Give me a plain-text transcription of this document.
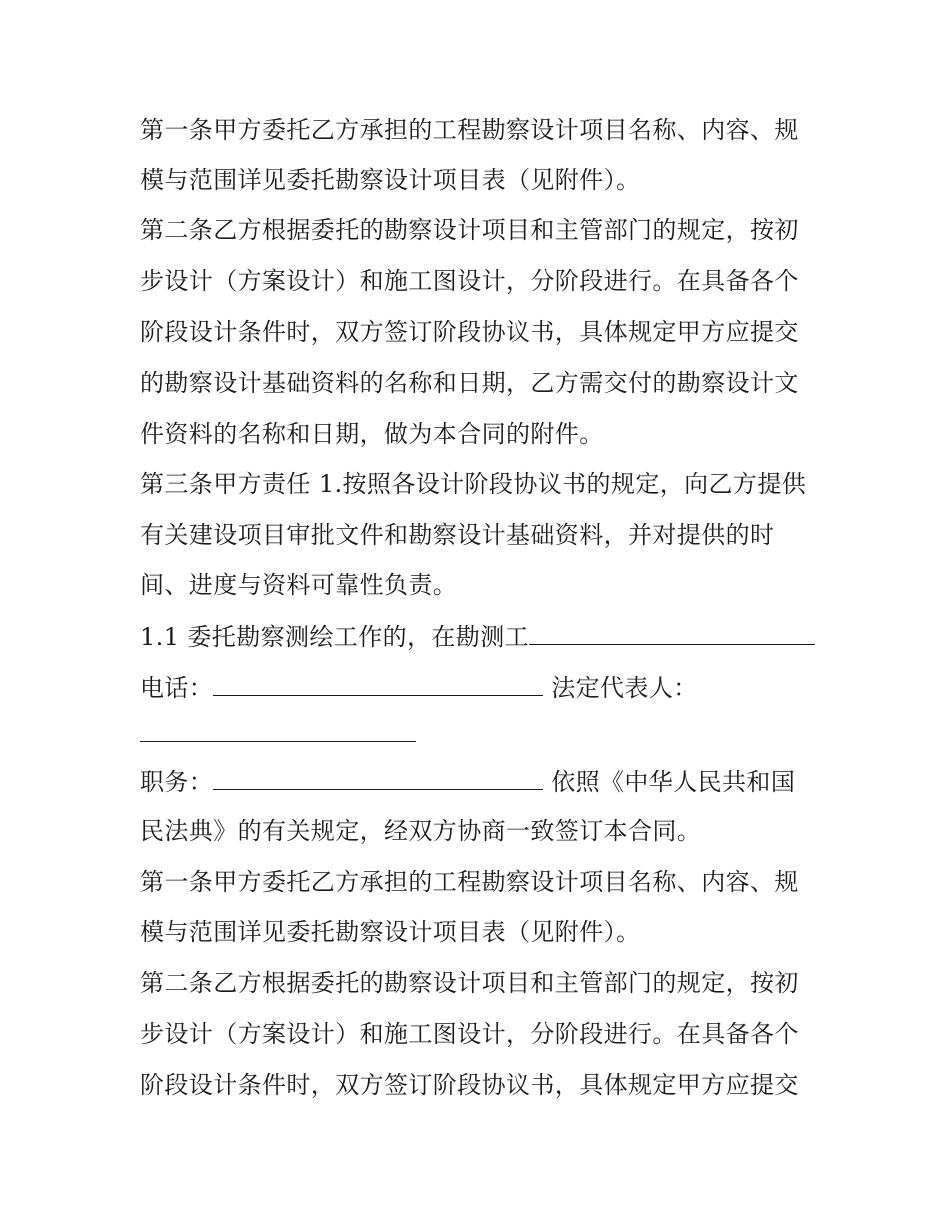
第一条甲方委托乙方承担的工程勘察设计项目名称、内容、规
模与范围详见委托勘察设计项目表（见附件）。
第二条乙方根据委托的勘察设计项目和主管部门的规定，按初
步设计（方案设计）和施工图设计，分阶段进行。在具备各个
阶段设计条件时，双方签订阶段协议书，具体规定甲方应提交
的勘察设计基础资料的名称和日期，乙方需交付的勘察设计文
件资料的名称和日期，做为本合同的附件。
第三条甲方责任 1.按照各设计阶段协议书的规定，向乙方提供
有关建设项目审批文件和勘察设计基础资料，并对提供的时
间、进度与资料可靠性负责。
1.1 委托勘察测绘工作的，在勘测工
电话：	法定代表人：
职务：	依照《中华人民共和国
民法典》的有关规定，经双方协商一致签订本合同。
第一条甲方委托乙方承担的工程勘察设计项目名称、内容、规
模与范围详见委托勘察设计项目表（见附件）。
第二条乙方根据委托的勘察设计项目和主管部门的规定，按初
步设计（方案设计）和施工图设计，分阶段进行。在具备各个
阶段设计条件时，双方签订阶段协议书，具体规定甲方应提交
